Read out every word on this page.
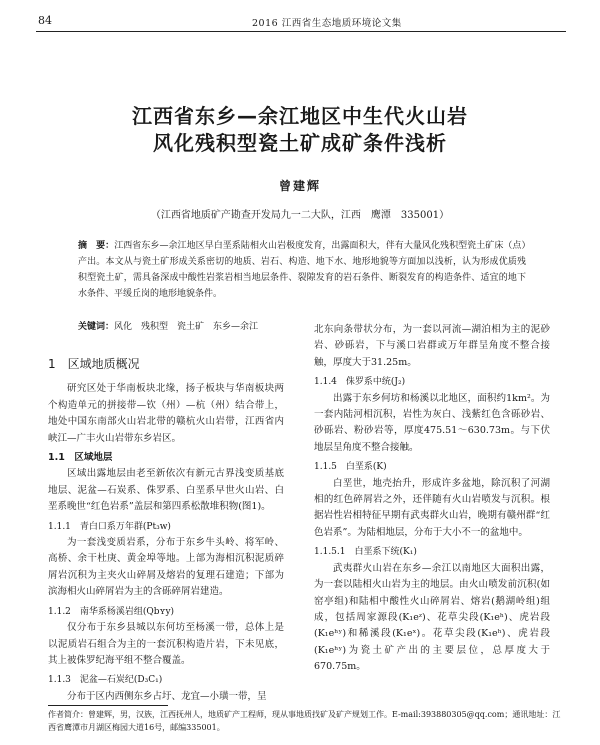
84	2016 江西省生态地质环境论文集
江西省东乡—余江地区中生代火山岩
风化残积型瓷土矿成矿条件浅析
曾建辉
（江西省地质矿产勘查开发局九一二大队，江西　鹰潭　335001）
摘　要：江西省东乡—余江地区早白垩系陆相火山岩极度发育，出露面积大，伴有大量风化残积型瓷土矿床（点）产出。本文从与瓷土矿形成关系密切的地质、岩石、构造、地下水、地形地貌等方面加以浅析，认为形成优质残积型瓷土矿，需具备深成中酸性岩浆岩相当地层条件、裂隙发育的岩石条件、断裂发育的构造条件、适宜的地下水条件、平缓丘岗的地形地貌条件。
关键词：风化　残积型　瓷土矿　东乡—余江

1　区域地质概况

研究区处于华南板块北缘，扬子板块与华南板块两个构造单元的拼接带—钦（州）—杭（州）结合带上，地处中国东南部火山岩北带的赣杭火山岩带，江西省内峡江—广丰火山岩带东乡岩区。

1.1　区域地层

区域出露地层由老至新依次有新元古界浅变质基底地层、泥盆—石炭系、侏罗系、白垩系早世火山岩、白垩系晚世“红色岩系”盖层和第四系松散堆积物(图1)。

1.1.1　青白口系万年群(Pt₃w)

为一套浅变质岩系，分布于东乡牛头岭、将军岭、高桥、余干杜庚、黄金埠等地。上部为海相沉积泥质碎屑岩沉积为主夹火山碎屑及熔岩的复理石建造；下部为滨海相火山碎屑岩为主的含砾碎屑岩建造。

1.1.2　南华系杨溪岩组(Qbʏy)

仅分布于东乡县城以东何坊至杨溪一带，总体上是以泥质岩石组合为主的一套沉积构造片岩，下未见底，其上被侏罗纪海平组不整合覆盖。

1.1.3　泥盆—石炭纪(D₃C₁)

分布于区内西侧东乡占圩、龙宜—小璜一带，呈

北东向条带状分布，为一套以河流—湖泊相为主的泥砂岩、砂砾岩，下与溪口岩群或万年群呈角度不整合接触，厚度大于31.25m。

1.1.4　侏罗系中统(J₂)

出露于东乡何坊和杨溪以北地区，面积约1km²。为一套内陆河相沉积，岩性为灰白、浅紫红色含砾砂岩、砂砾岩、粉砂岩等，厚度475.51～630.73m。与下伏地层呈角度不整合接触。

1.1.5　白垩系(K)

白垩世，地壳抬升，形成许多盆地，除沉积了河湖相的红色碎屑岩之外，还伴随有火山岩喷发与沉积。根据岩性岩相特征早期有武夷群火山岩，晚期有赣州群“红色岩系”。为陆相地层，分布于大小不一的盆地中。

1.1.5.1　白垩系下统(K₁)

武夷群火山岩在东乡—余江以南地区大面积出露，为一套以陆相火山岩为主的地层。由火山喷发前沉积(如窑亭组)和陆相中酸性火山碎屑岩、熔岩(鹅湖岭组)组成，包括周家源段(K₁eᶻ)、花草尖段(K₁eʰ)、虎岩段(K₁eʰʸ)和稀溪段(K₁eˣ)。花草尖段(K₁eʰ)、虎岩段(K₁eʰʸ)为瓷土矿产出的主要层位，总厚度大于670.75m。

作者简介：曾建辉，男，汉族，江西抚州人，地质矿产工程师，现从事地质找矿及矿产规划工作。E-mail:393880305@qq.com；通讯地址：江西省鹰潭市月湖区梅园大道16号，邮编335001。
